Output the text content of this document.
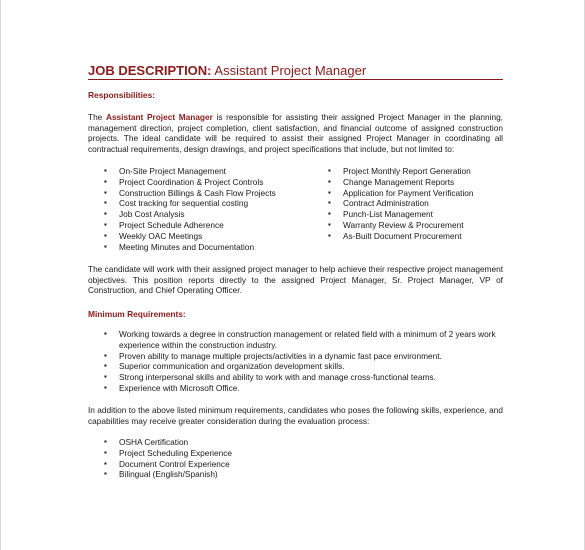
JOB DESCRIPTION: Assistant Project Manager
Responsibilities:

The Assistant Project Manager is responsible for assisting their assigned Project Manager in the planning, management direction, project completion, client satisfaction, and financial outcome of assigned construction projects. The ideal candidate will be required to assist their assigned Project Manager in coordinating all contractual requirements, design drawings, and project specifications that include, but not limited to:

▪ On-Site Project Management
▪ Project Coordination & Project Controls
▪ Construction Billings & Cash Flow Projects
▪ Cost tracking for sequential costing
▪ Job Cost Analysis
▪ Project Schedule Adherence
▪ Weekly OAC Meetings
▪ Meeting Minutes and Documentation
▪ Project Monthly Report Generation
▪ Change Management Reports
▪ Application for Payment Verification
▪ Contract Administration
▪ Punch-List Management
▪ Warranty Review & Procurement
▪ As-Built Document Procurement

The candidate will work with their assigned project manager to help achieve their respective project management objectives. This position reports directly to the assigned Project Manager, Sr. Project Manager, VP of Construction, and Chief Operating Officer.

Minimum Requirements:
▪ Working towards a degree in construction management or related field with a minimum of 2 years work experience within the construction industry.
▪ Proven ability to manage multiple projects/activities in a dynamic fast pace environment.
▪ Superior communication and organization development skills.
▪ Strong interpersonal skills and ability to work with and manage cross-functional teams.
▪ Experience with Microsoft Office.

In addition to the above listed minimum requirements, candidates who poses the following skills, experience, and capabilities may receive greater consideration during the evaluation process:

▪ OSHA Certification
▪ Project Scheduling Experience
▪ Document Control Experience
▪ Bilingual (English/Spanish)
